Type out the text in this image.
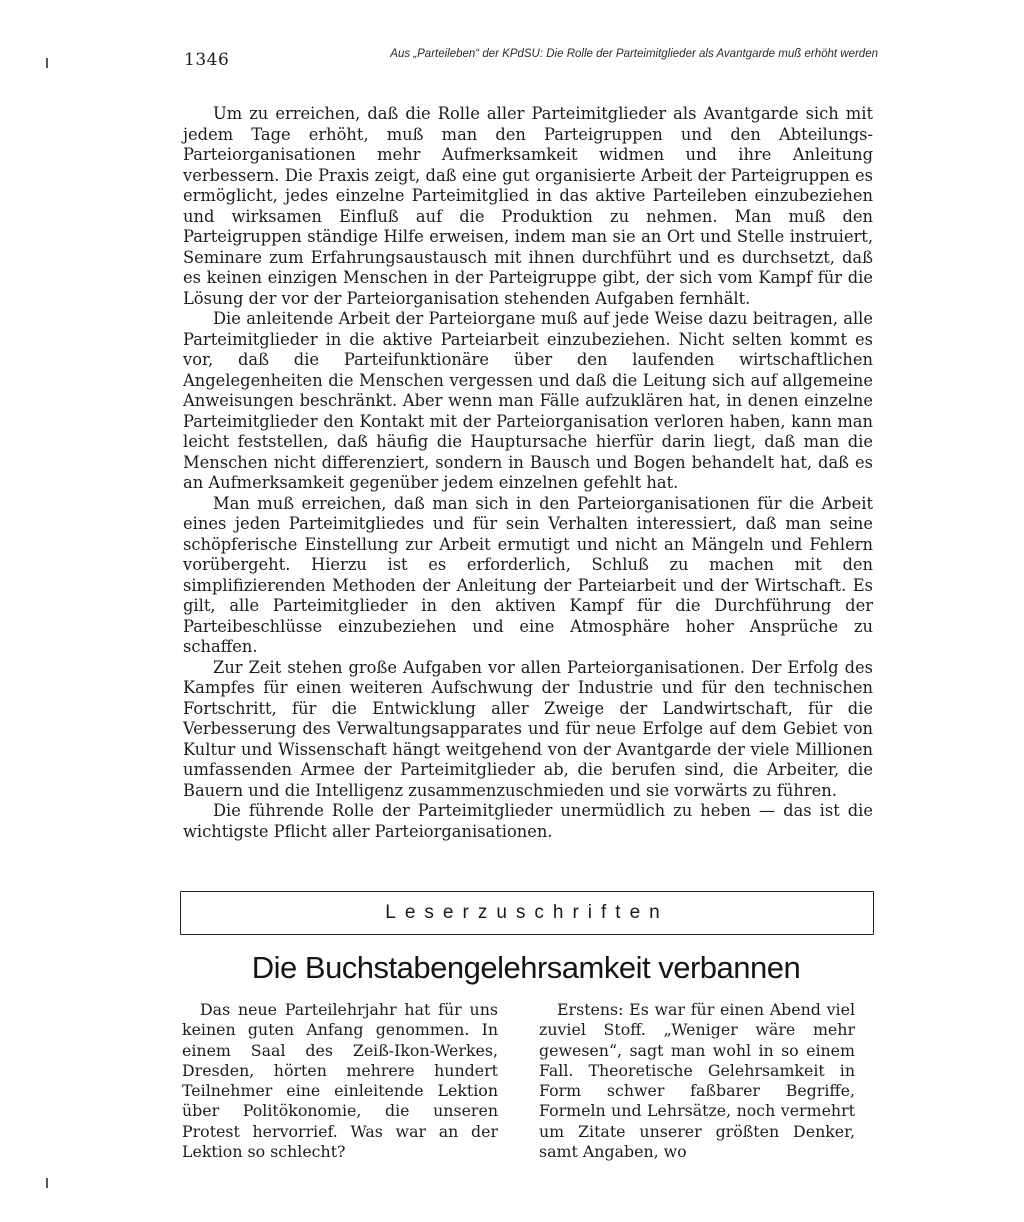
1346	Aus „Parteileben“ der KPdSU: Die Rolle der Parteimitglieder als Avantgarde muß erhöht werden

Um zu erreichen, daß die Rolle aller Parteimitglieder als Avantgarde sich mit jedem Tage erhöht, muß man den Parteigruppen und den Abteilungs-Parteiorganisationen mehr Aufmerksamkeit widmen und ihre Anleitung verbessern. Die Praxis zeigt, daß eine gut organisierte Arbeit der Parteigruppen es ermöglicht, jedes einzelne Parteimitglied in das aktive Parteileben einzubeziehen und wirksamen Einfluß auf die Produktion zu nehmen. Man muß den Parteigruppen ständige Hilfe erweisen, indem man sie an Ort und Stelle instruiert, Seminare zum Erfahrungsaustausch mit ihnen durchführt und es durchsetzt, daß es keinen einzigen Menschen in der Parteigruppe gibt, der sich vom Kampf für die Lösung der vor der Parteiorganisation stehenden Aufgaben fernhält.

Die anleitende Arbeit der Parteiorgane muß auf jede Weise dazu beitragen, alle Parteimitglieder in die aktive Parteiarbeit einzubeziehen. Nicht selten kommt es vor, daß die Parteifunktionäre über den laufenden wirtschaftlichen Angelegenheiten die Menschen vergessen und daß die Leitung sich auf allgemeine Anweisungen beschränkt. Aber wenn man Fälle aufzuklären hat, in denen einzelne Parteimitglieder den Kontakt mit der Parteiorganisation verloren haben, kann man leicht feststellen, daß häufig die Hauptursache hierfür darin liegt, daß man die Menschen nicht differenziert, sondern in Bausch und Bogen behandelt hat, daß es an Aufmerksamkeit gegenüber jedem einzelnen gefehlt hat.

Man muß erreichen, daß man sich in den Parteiorganisationen für die Arbeit eines jeden Parteimitgliedes und für sein Verhalten interessiert, daß man seine schöpferische Einstellung zur Arbeit ermutigt und nicht an Mängeln und Fehlern vorübergeht. Hierzu ist es erforderlich, Schluß zu machen mit den simplifizierenden Methoden der Anleitung der Parteiarbeit und der Wirtschaft. Es gilt, alle Parteimitglieder in den aktiven Kampf für die Durchführung der Parteibeschlüsse einzubeziehen und eine Atmosphäre hoher Ansprüche zu schaffen.

Zur Zeit stehen große Aufgaben vor allen Parteiorganisationen. Der Erfolg des Kampfes für einen weiteren Aufschwung der Industrie und für den technischen Fortschritt, für die Entwicklung aller Zweige der Landwirtschaft, für die Verbesserung des Verwaltungsapparates und für neue Erfolge auf dem Gebiet von Kultur und Wissenschaft hängt weitgehend von der Avantgarde der viele Millionen umfassenden Armee der Parteimitglieder ab, die berufen sind, die Arbeiter, die Bauern und die Intelligenz zusammenzuschmieden und sie vorwärts zu führen.

Die führende Rolle der Parteimitglieder unermüdlich zu heben — das ist die wichtigste Pflicht aller Parteiorganisationen.

Leserzuschriften
Die Buchstabengelehrsamkeit verbannen

Das neue Parteilehrjahr hat für uns keinen guten Anfang genommen. In einem Saal des Zeiß-Ikon-Werkes, Dresden, hörten mehrere hundert Teilnehmer eine einleitende Lektion über Politökonomie, die unseren Protest hervorrief. Was war an der Lektion so schlecht?

Erstens: Es war für einen Abend viel zuviel Stoff. „Weniger wäre mehr gewesen“, sagt man wohl in so einem Fall. Theoretische Gelehrsamkeit in Form schwer faßbarer Begriffe, Formeln und Lehrsätze, noch vermehrt um Zitate unserer größten Denker, samt Angaben, wo
